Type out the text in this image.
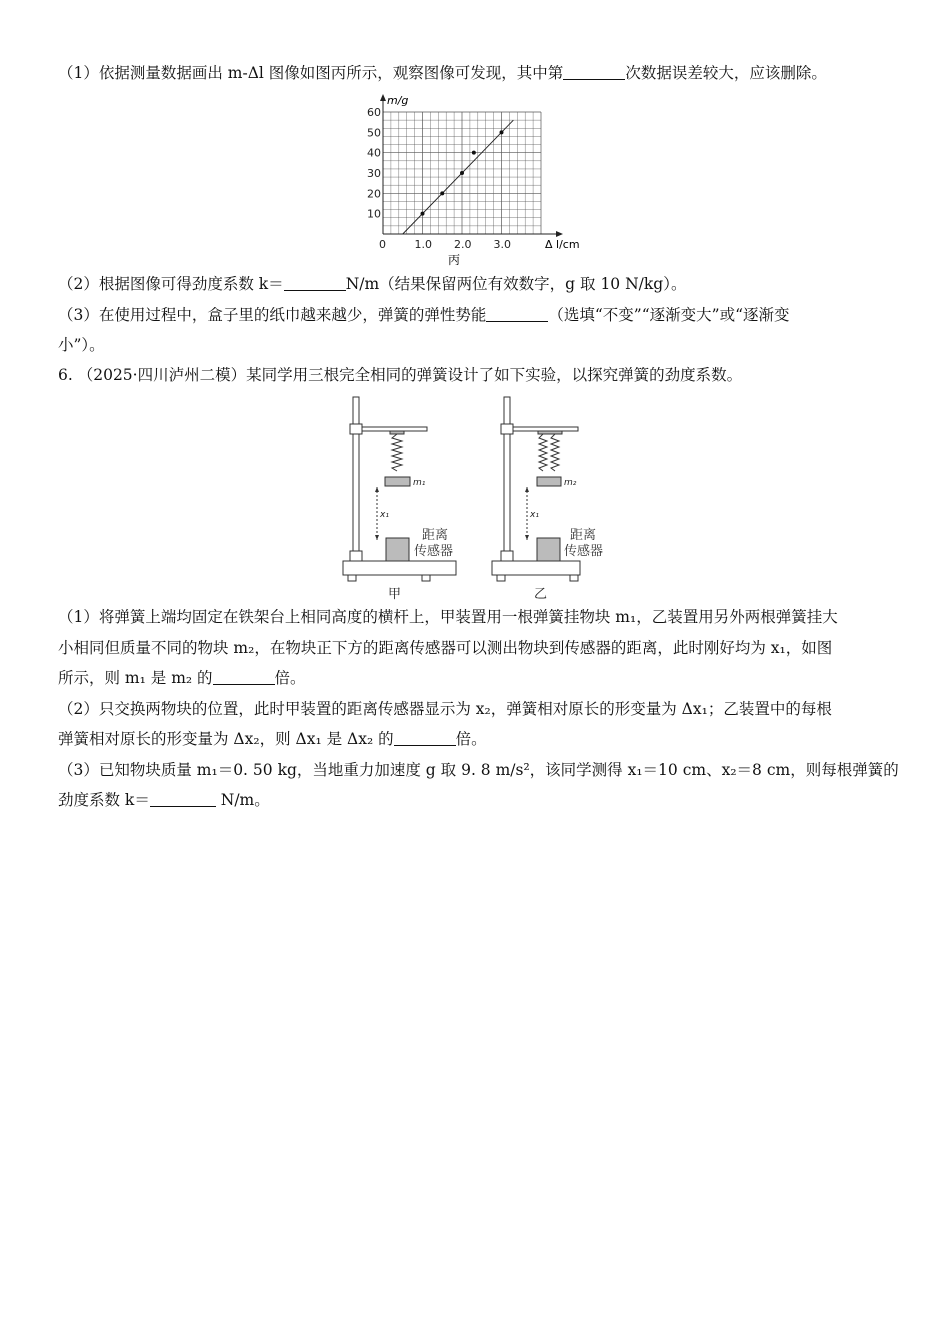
（1）依据测量数据画出 m-Δl 图像如图丙所示，观察图像可发现，其中第	次数据误差较大，应该删除。
0	1.0 2.0 3.0
10
20
30
40
50
60
m/g
Δ l/cm
丙
（2）根据图像可得劲度系数 k＝	N/m（结果保留两位有效数字，g 取 10 N/kg）。
（3）在使用过程中，盒子里的纸巾越来越少，弹簧的弹性势能	（选填“不变”“逐渐变大”或“逐渐变
小”）。
6. （2025·四川泸州二模）某同学用三根完全相同的弹簧设计了如下实验，以探究弹簧的劲度系数。
m₁
x₁
距离
传感器
甲
m₂
x₁
距离
传感器
乙
（1）将弹簧上端均固定在铁架台上相同高度的横杆上，甲装置用一根弹簧挂物块 m₁，乙装置用另外两根弹簧挂大
小相同但质量不同的物块 m₂，在物块正下方的距离传感器可以测出物块到传感器的距离，此时刚好均为 x₁，如图
所示，则 m₁ 是 m₂ 的	倍。
（2）只交换两物块的位置，此时甲装置的距离传感器显示为 x₂，弹簧相对原长的形变量为 Δx₁；乙装置中的每根
弹簧相对原长的形变量为 Δx₂，则 Δx₁ 是 Δx₂ 的	倍。
（3）已知物块质量 m₁＝0. 50 kg，当地重力加速度 g 取 9. 8 m/s²，该同学测得 x₁＝10 cm、x₂＝8 cm，则每根弹簧的
劲度系数 k＝	N/m。
